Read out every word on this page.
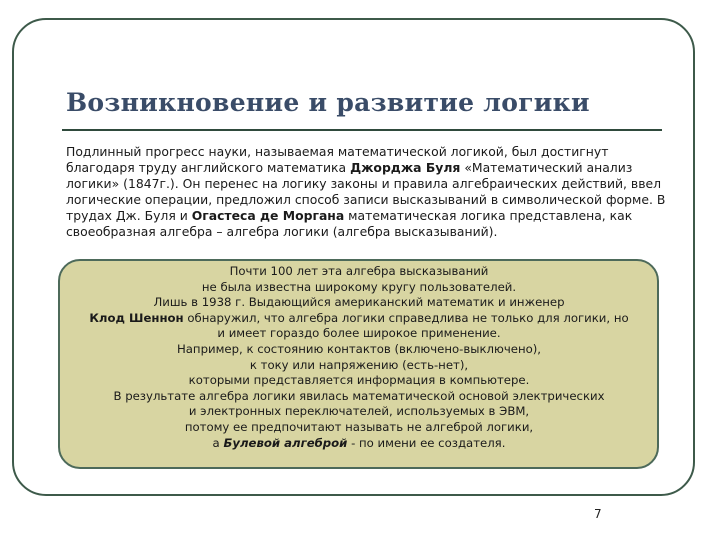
Возникновение и развитие логики

Подлинный прогресс науки, называемая математической логикой, был достигнут благодаря труду английского математика Джорджа Буля «Математический анализ логики» (1847г.). Он перенес на логику законы и правила алгебраических действий, ввел логические операции, предложил способ записи высказываний в символической форме. В трудах Дж. Буля и Огастеса де Моргана математическая логика представлена, как своеобразная алгебра – алгебра логики (алгебра высказываний).

Почти 100 лет эта алгебра высказываний
не была известна широкому кругу пользователей.
Лишь в 1938 г. Выдающийся американский математик и инженер
Клод Шеннон обнаружил, что алгебра логики справедлива не только для логики, но
и имеет гораздо более широкое применение.
Например, к состоянию контактов (включено-выключено),
к току или напряжению (есть-нет),
которыми представляется информация в компьютере.
В результате алгебра логики явилась математической основой электрических
и электронных переключателей, используемых в ЭВМ,
потому ее предпочитают называть не алгеброй логики,
а Булевой алгеброй - по имени ее создателя.

7
